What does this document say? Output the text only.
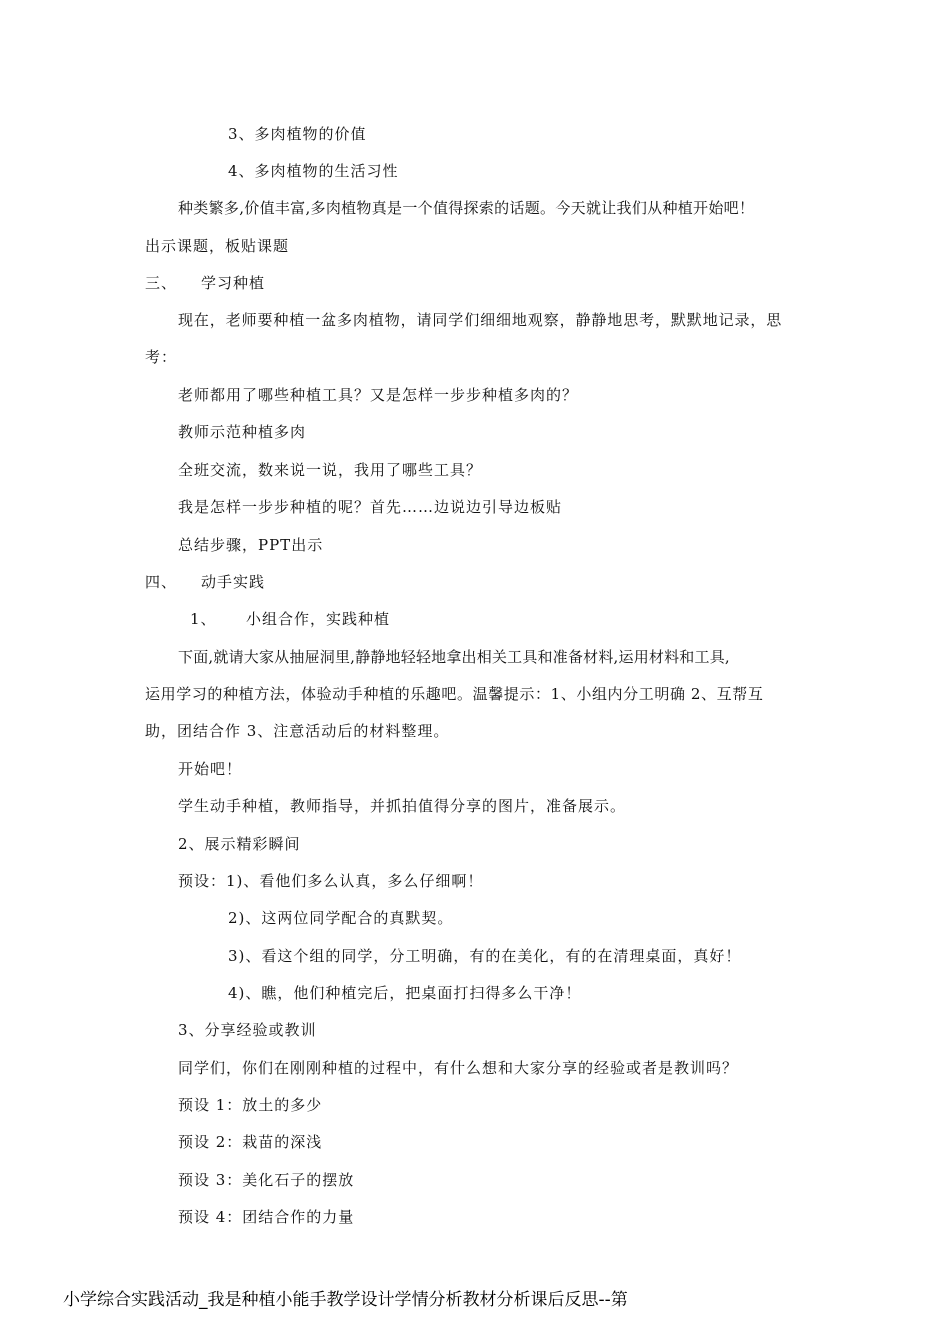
3、多肉植物的价值
4、多肉植物的生活习性
种类繁多,价值丰富,多肉植物真是一个值得探索的话题。今天就让我们从种植开始吧！
出示课题，板贴课题
三、 学习种植
现在，老师要种植一盆多肉植物，请同学们细细地观察，静静地思考，默默地记录，思
考：
老师都用了哪些种植工具？又是怎样一步步种植多肉的？
教师示范种植多肉
全班交流，数来说一说，我用了哪些工具？
我是怎样一步步种植的呢？首先……边说边引导边板贴
总结步骤，PPT出示
四、 动手实践
1、 小组合作，实践种植
下面,就请大家从抽屉洞里,静静地轻轻地拿出相关工具和准备材料,运用材料和工具,
运用学习的种植方法，体验动手种植的乐趣吧。温馨提示：1、小组内分工明确 2、互帮互
助，团结合作 3、注意活动后的材料整理。
开始吧！
学生动手种植，教师指导，并抓拍值得分享的图片，准备展示。
2、展示精彩瞬间
预设：1)、看他们多么认真，多么仔细啊！
2)、这两位同学配合的真默契。
3)、看这个组的同学，分工明确，有的在美化，有的在清理桌面，真好！
4)、瞧，他们种植完后，把桌面打扫得多么干净！
3、分享经验或教训
同学们，你们在刚刚种植的过程中，有什么想和大家分享的经验或者是教训吗？
预设 1：放土的多少
预设 2：栽苗的深浅
预设 3：美化石子的摆放
预设 4：团结合作的力量
小学综合实践活动_我是种植小能手教学设计学情分析教材分析课后反思--第
